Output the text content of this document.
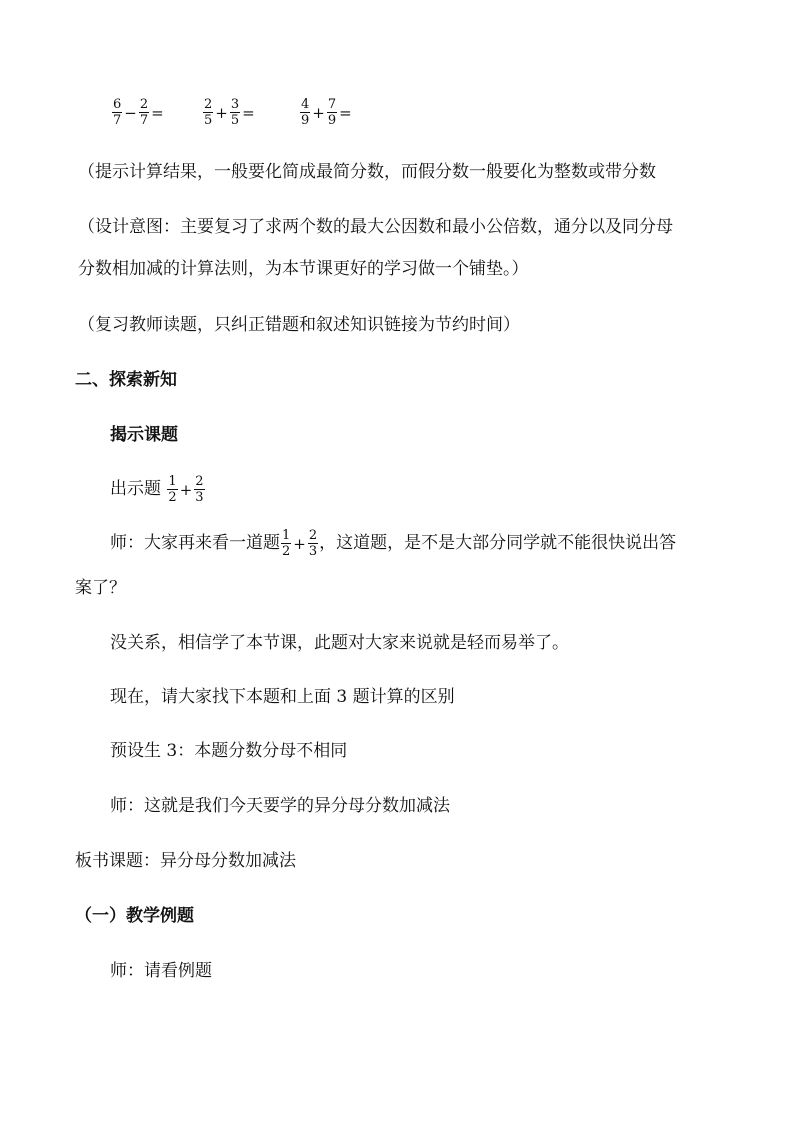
$\frac{6}{7} - \frac{2}{7}$ =	$\frac{2}{5} + \frac{3}{5}$ =	$\frac{4}{9} + \frac{7}{9}$ =
（提示计算结果，一般要化简成最简分数，而假分数一般要化为整数或带分数
（设计意图：主要复习了求两个数的最大公因数和最小公倍数，通分以及同分母
分数相加减的计算法则，为本节课更好的学习做一个铺垫。）
（复习教师读题，只纠正错题和叙述知识链接为节约时间）
二、探索新知
揭示课题
出示题 $\frac{1}{2} + \frac{2}{3}$
师：大家再来看一道题 $\frac{1}{2} + \frac{2}{3}$ ，这道题，是不是大部分同学就不能很快说出答
案了？
没关系，相信学了本节课，此题对大家来说就是轻而易举了。
现在，请大家找下本题和上面 3 题计算的区别
预设生 3：本题分数分母不相同
师：这就是我们今天要学的异分母分数加减法
板书课题：异分母分数加减法
（一）教学例题
师：请看例题
